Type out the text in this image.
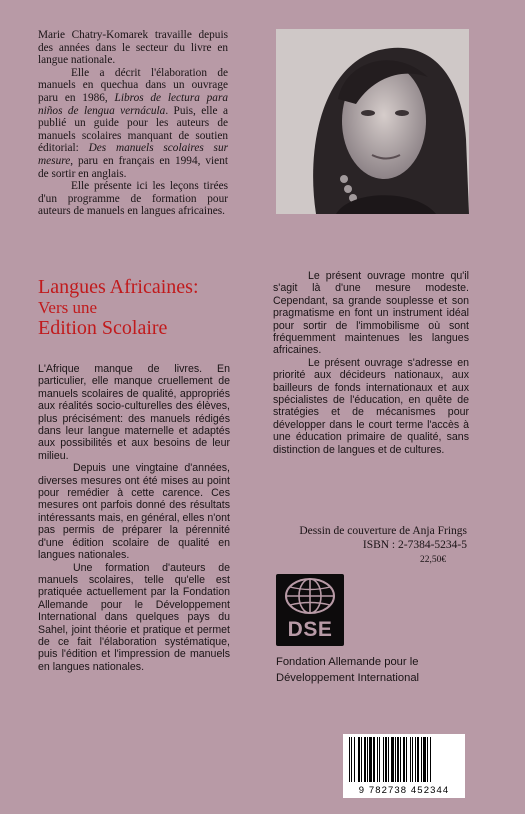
Marie Chatry-Komarek travaille depuis des années dans le secteur du livre en langue nationale.

Elle a décrit l'élaboration de manuels en quechua dans un ouvrage paru en 1986, Libros de lectura para niños de lengua vernácula. Puis, elle a publié un guide pour les auteurs de manuels scolaires manquant de soutien éditorial: Des manuels scolaires sur mesure, paru en français en 1994, vient de sortir en anglais.

Elle présente ici les leçons tirées d'un programme de formation pour auteurs de manuels en langues africaines.

Langues Africaines:
Vers une
Edition Scolaire

L'Afrique manque de livres. En particulier, elle manque cruellement de manuels scolaires de qualité, appropriés aux réalités socio-culturelles des élèves, plus précisément: des manuels rédigés dans leur langue maternelle et adaptés aux possibilités et aux besoins de leur milieu.

Depuis une vingtaine d'années, diverses mesures ont été mises au point pour remédier à cette carence. Ces mesures ont parfois donné des résultats intéressants mais, en général, elles n'ont pas permis de préparer la pérennité d'une édition scolaire de qualité en langues nationales.

Une formation d'auteurs de manuels scolaires, telle qu'elle est pratiquée actuellement par la Fondation Allemande pour le Développement International dans quelques pays du Sahel, joint théorie et pratique et permet de ce fait l'élaboration systématique, puis l'édition et l'impression de manuels en langues nationales.

Le présent ouvrage montre qu'il s'agit là d'une mesure modeste. Cependant, sa grande souplesse et son pragmatisme en font un instrument idéal pour sortir de l'immobilisme où sont fréquemment maintenues les langues africaines.

Le présent ouvrage s'adresse en priorité aux décideurs nationaux, aux bailleurs de fonds internationaux et aux spécialistes de l'éducation, en quête de stratégies et de mécanismes pour développer dans le court terme l'accès à une éducation primaire de qualité, sans distinction de langues et de cultures.

Dessin de couverture de Anja Frings
ISBN : 2-7384-5234-5
22,50€
DSE
Fondation Allemande pour le
Développement International
9 782738 452344
